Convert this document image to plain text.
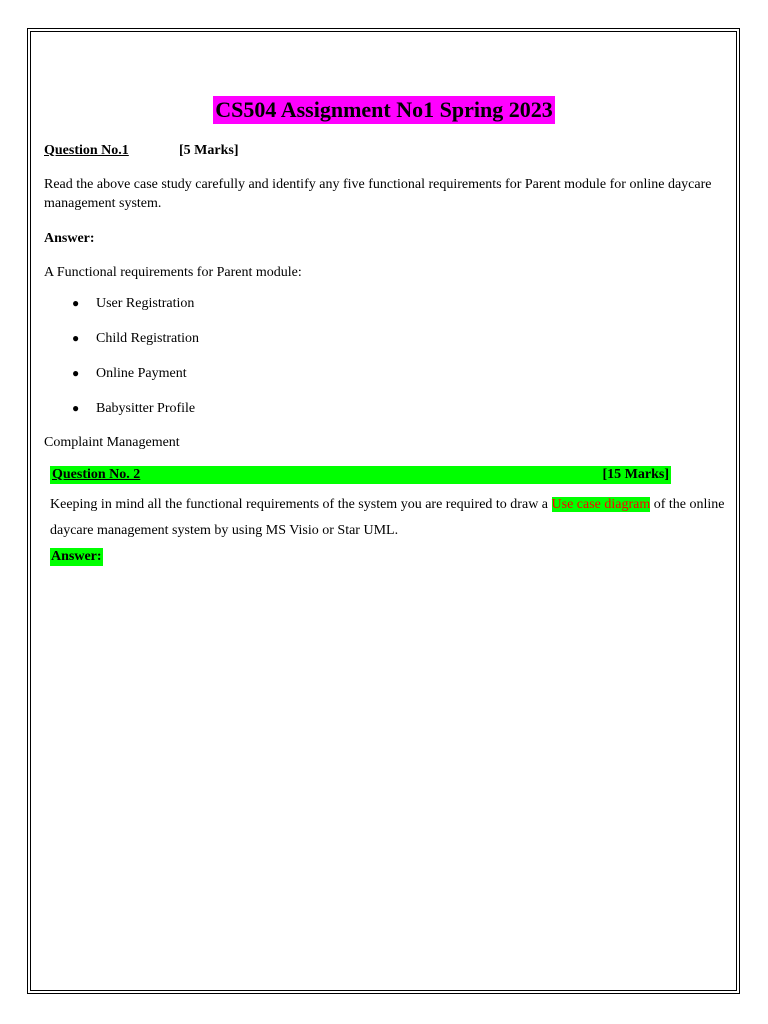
CS504 Assignment No1 Spring 2023
Question No.1	[5 Marks]
Read the above case study carefully and identify any five functional requirements for Parent module for online daycare management system.
Answer:
A Functional requirements for Parent module:
●	User Registration
●	Child Registration
●	Online Payment
●	Babysitter Profile
Complaint Management
Question No. 2	[15 Marks]
Keeping in mind all the functional requirements of the system you are required to draw a Use case diagram of the online daycare management system by using MS Visio or Star UML.
Answer:
